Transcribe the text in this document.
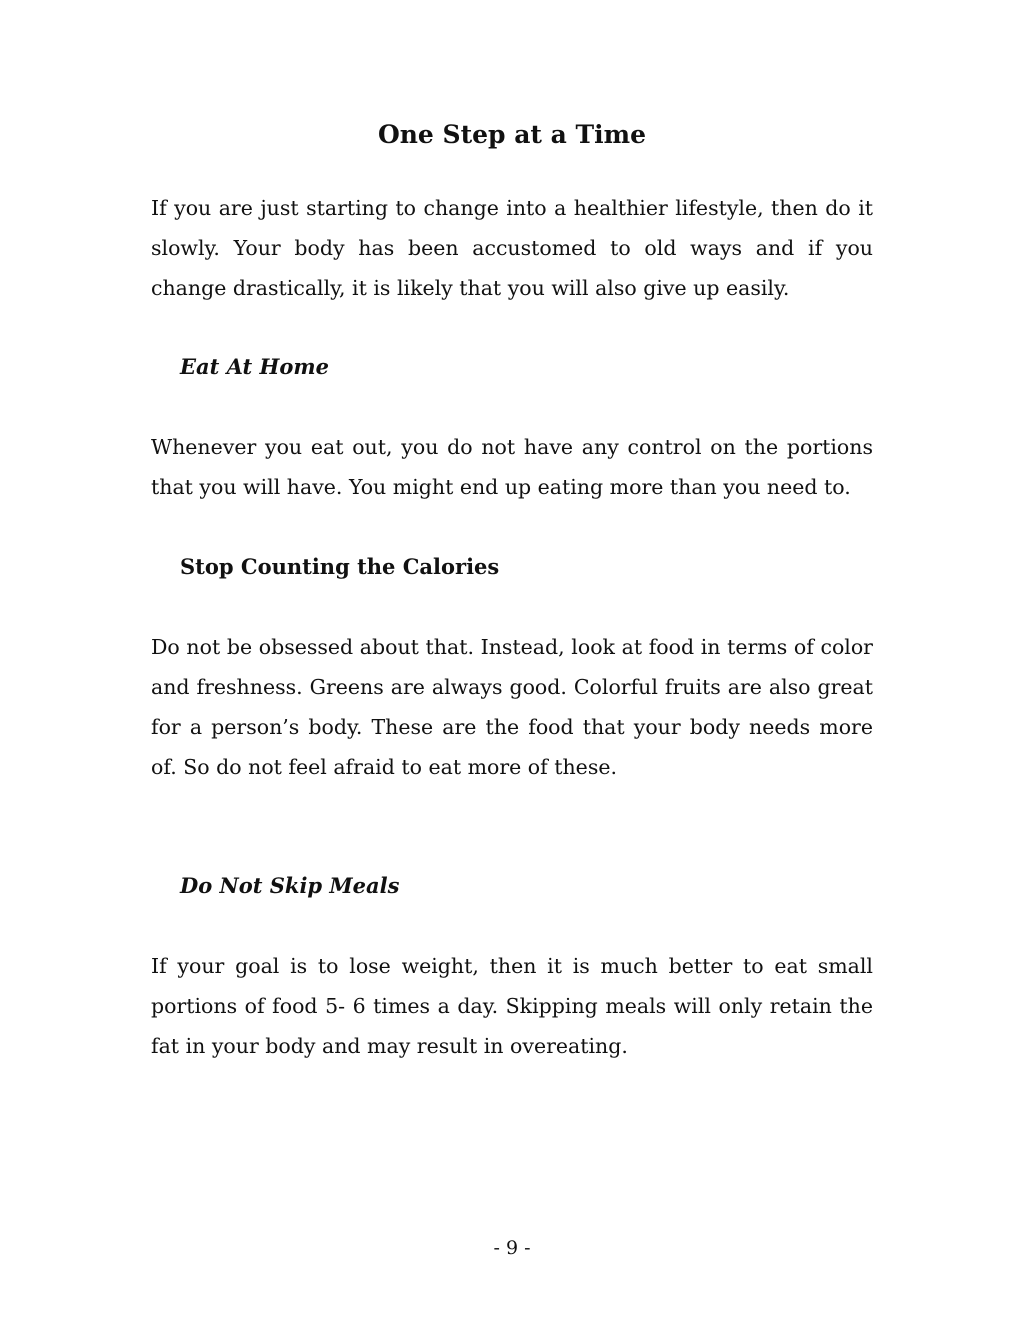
One Step at a Time

If you are just starting to change into a healthier lifestyle, then do it slowly. Your body has been accustomed to old ways and if you change drastically, it is likely that you will also give up easily.

Eat At Home

Whenever you eat out, you do not have any control on the portions that you will have. You might end up eating more than you need to.

Stop Counting the Calories

Do not be obsessed about that. Instead, look at food in terms of color and freshness. Greens are always good. Colorful fruits are also great for a person’s body. These are the food that your body needs more of. So do not feel afraid to eat more of these.

Do Not Skip Meals

If your goal is to lose weight, then it is much better to eat small portions of food 5- 6 times a day. Skipping meals will only retain the fat in your body and may result in overeating.

- 9 -
